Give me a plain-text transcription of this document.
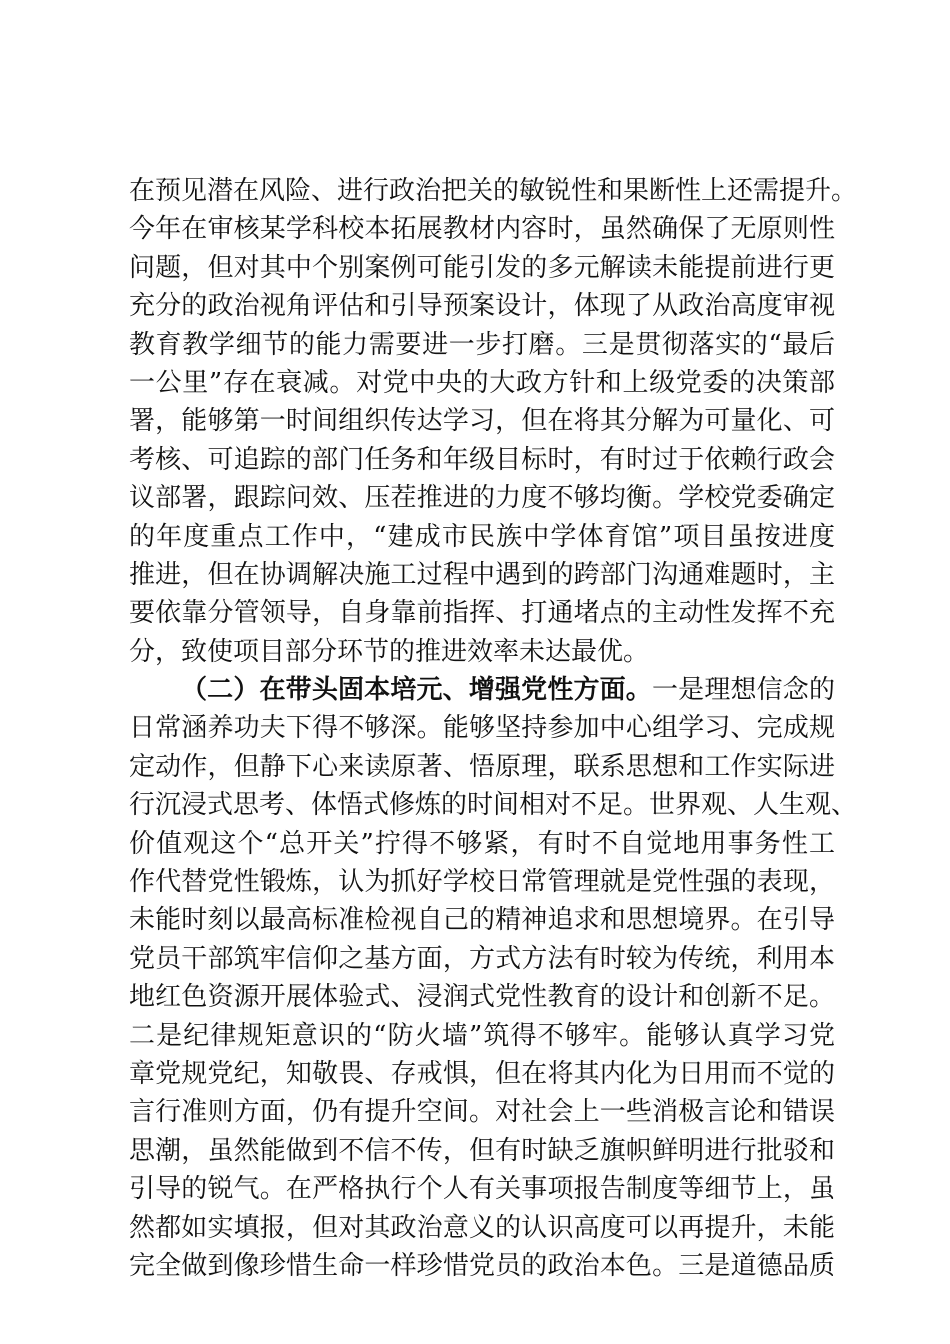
在预见潜在风险、进行政治把关的敏锐性和果断性上还需提升。
今年在审核某学科校本拓展教材内容时，虽然确保了无原则性
问题，但对其中个别案例可能引发的多元解读未能提前进行更
充分的政治视角评估和引导预案设计，体现了从政治高度审视
教育教学细节的能力需要进一步打磨。三是贯彻落实的“最后
一公里”存在衰减。对党中央的大政方针和上级党委的决策部
署，能够第一时间组织传达学习，但在将其分解为可量化、可
考核、可追踪的部门任务和年级目标时，有时过于依赖行政会
议部署，跟踪问效、压茬推进的力度不够均衡。学校党委确定
的年度重点工作中，“建成市民族中学体育馆”项目虽按进度
推进，但在协调解决施工过程中遇到的跨部门沟通难题时，主
要依靠分管领导，自身靠前指挥、打通堵点的主动性发挥不充
分，致使项目部分环节的推进效率未达最优。
（二）在带头固本培元、增强党性方面。一是理想信念的
日常涵养功夫下得不够深。能够坚持参加中心组学习、完成规
定动作，但静下心来读原著、悟原理，联系思想和工作实际进
行沉浸式思考、体悟式修炼的时间相对不足。世界观、人生观、
价值观这个“总开关”拧得不够紧，有时不自觉地用事务性工
作代替党性锻炼，认为抓好学校日常管理就是党性强的表现，
未能时刻以最高标准检视自己的精神追求和思想境界。在引导
党员干部筑牢信仰之基方面，方式方法有时较为传统，利用本
地红色资源开展体验式、浸润式党性教育的设计和创新不足。
二是纪律规矩意识的“防火墙”筑得不够牢。能够认真学习党
章党规党纪，知敬畏、存戒惧，但在将其内化为日用而不觉的
言行准则方面，仍有提升空间。对社会上一些消极言论和错误
思潮，虽然能做到不信不传，但有时缺乏旗帜鲜明进行批驳和
引导的锐气。在严格执行个人有关事项报告制度等细节上，虽
然都如实填报，但对其政治意义的认识高度可以再提升，未能
完全做到像珍惜生命一样珍惜党员的政治本色。三是道德品质
